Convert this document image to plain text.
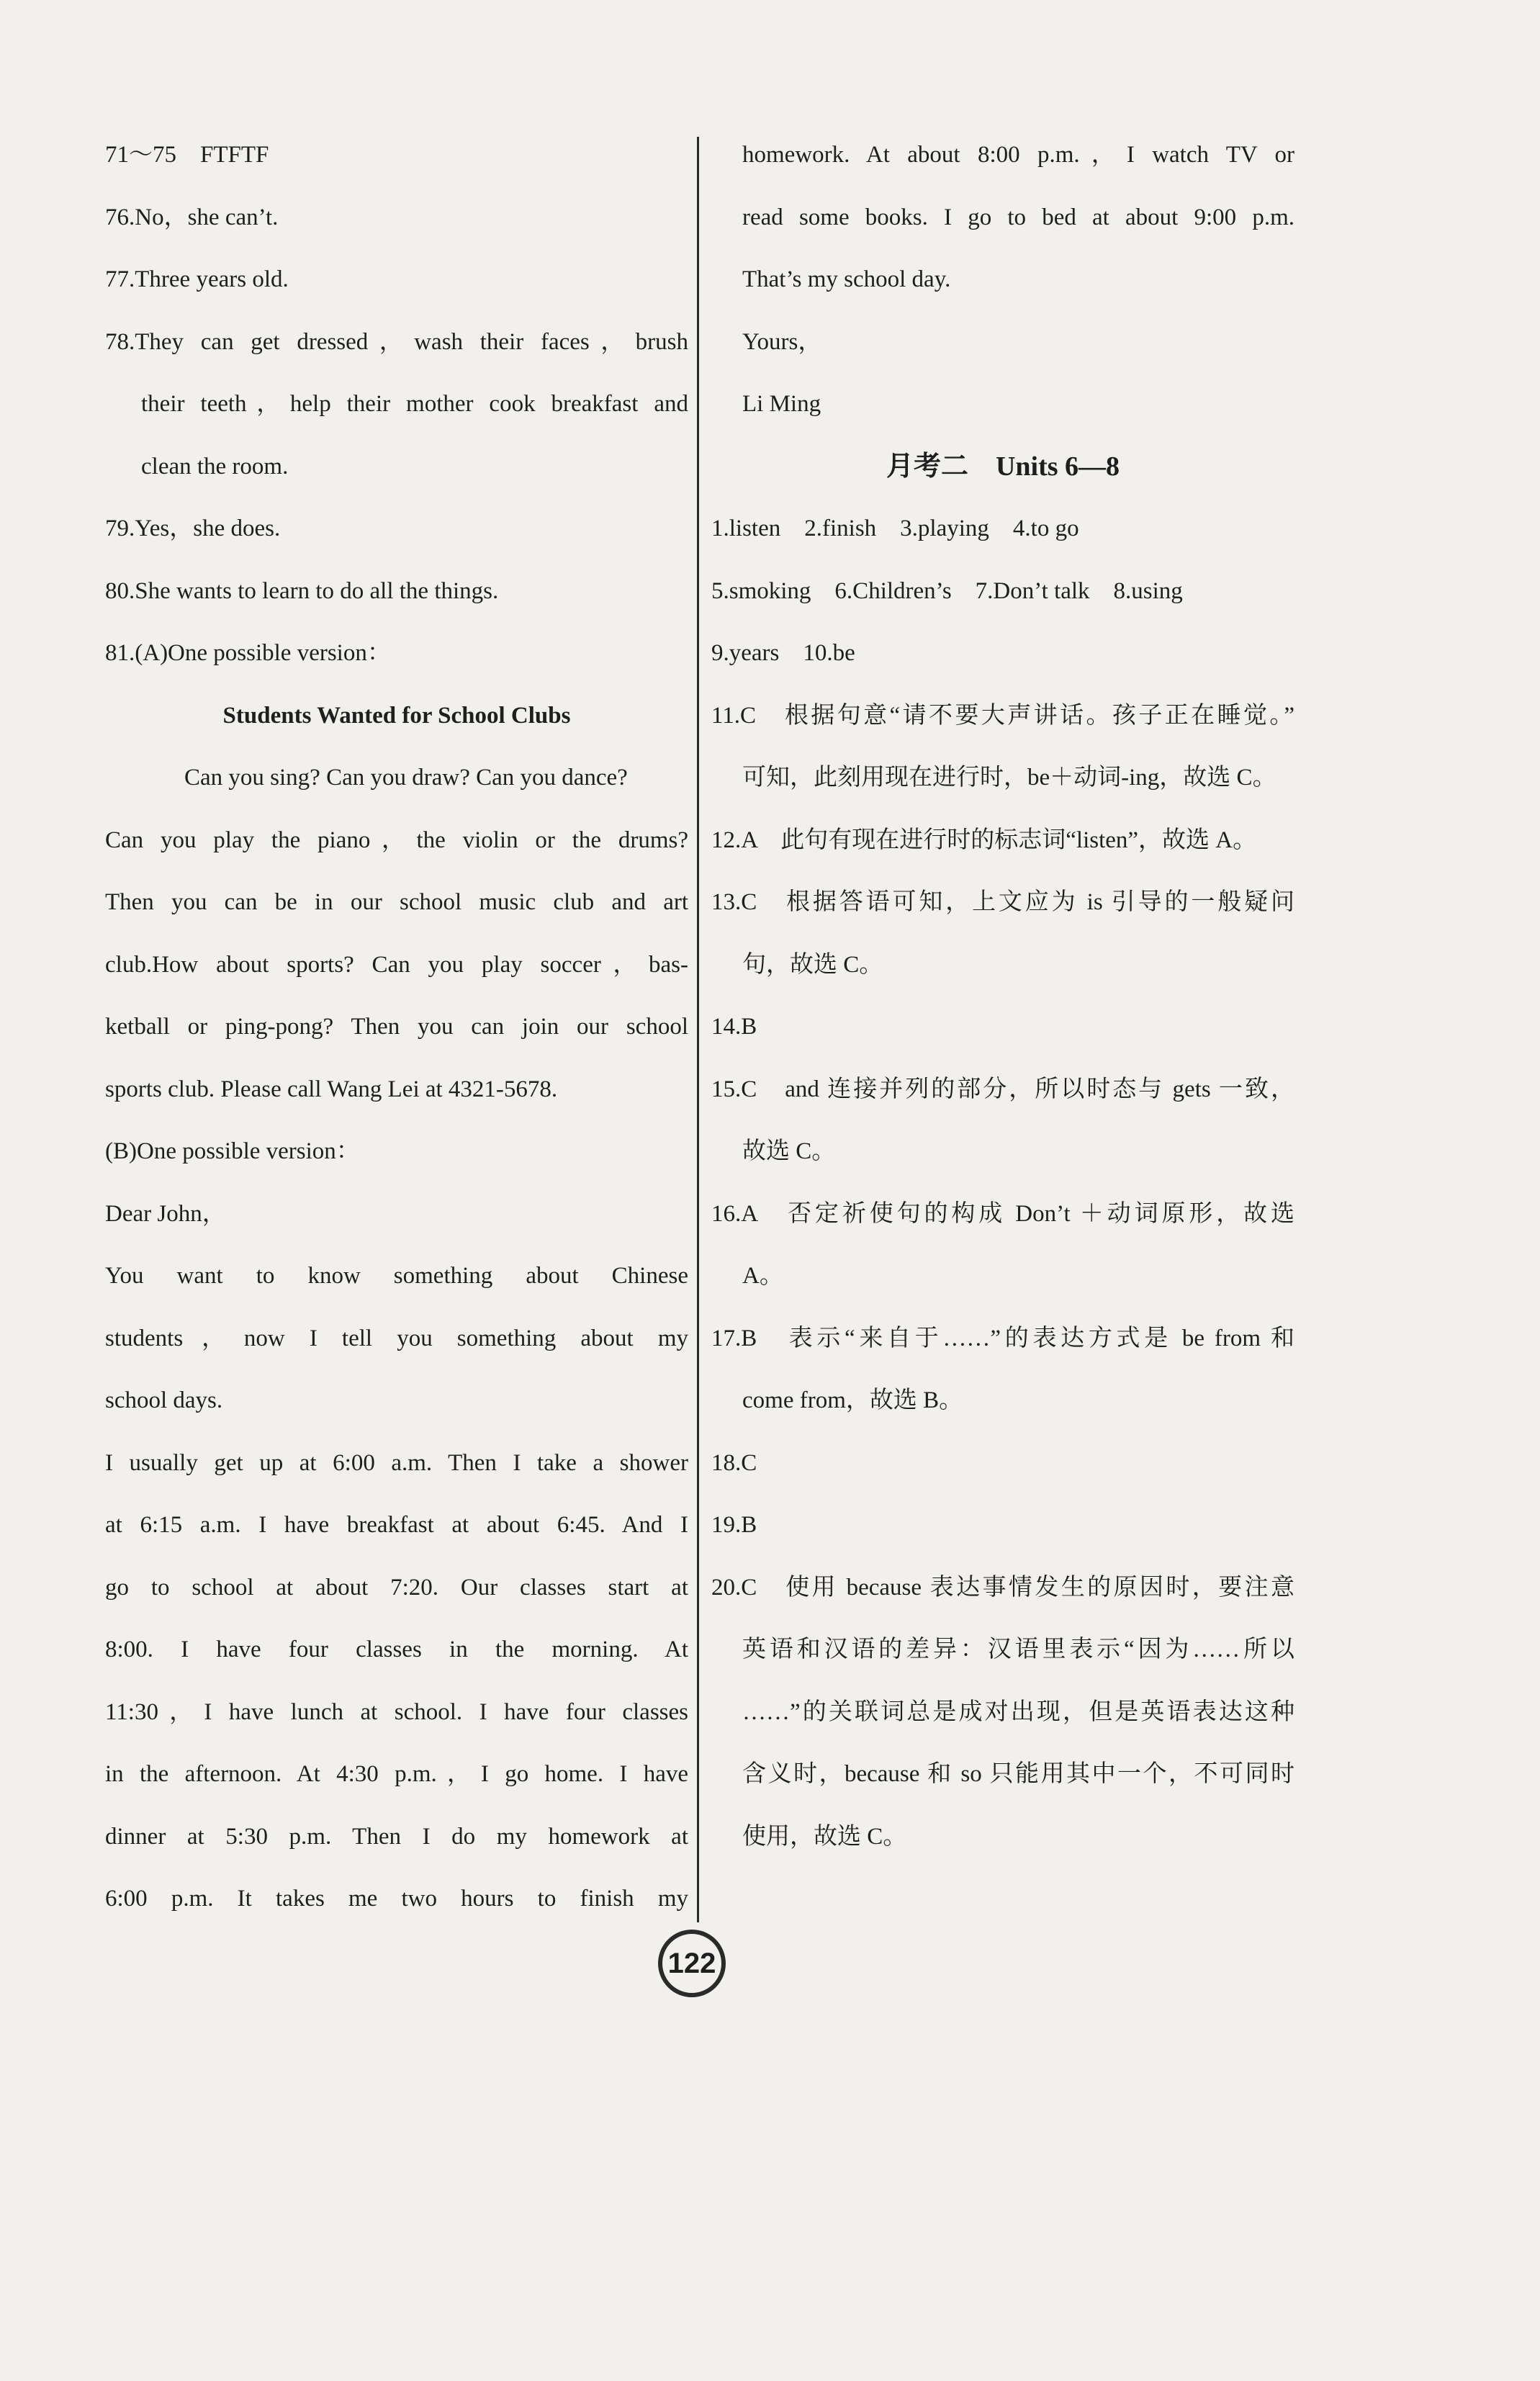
71～75　FTFTF
76.No，she can’t.
77.Three years old.
78.They can get dressed，wash their faces，brush
their teeth，help their mother cook breakfast and
clean the room.
79.Yes，she does.
80.She wants to learn to do all the things.
81.(A)One possible version：
Students Wanted for School Clubs
Can you sing? Can you draw? Can you dance?
Can you play the piano，the violin or the drums?
Then you can be in our school music club and art
club.How about sports? Can you play soccer，bas-
ketball or ping-pong? Then you can join our school
sports club. Please call Wang Lei at 4321-5678.
(B)One possible version：
Dear John，
You want to know something about Chinese
students，now I tell you something about my
school days.
I usually get up at 6:00 a.m. Then I take a shower
at 6:15 a.m. I have breakfast at about 6:45. And I
go to school at about 7:20. Our classes start at
8:00. I have four classes in the morning. At
11:30，I have lunch at school. I have four classes
in the afternoon. At 4:30 p.m.，I go home. I have
dinner at 5:30 p.m. Then I do my homework at
6:00 p.m. It takes me two hours to finish my
homework. At about 8:00 p.m.，I watch TV or
read some books. I go to bed at about 9:00 p.m.
That’s my school day.
Yours，
Li Ming
月考二　Units 6—8
1.listen　2.finish　3.playing　4.to go
5.smoking　6.Children’s　7.Don’t talk　8.using
9.years　10.be
11.C　根据句意“请不要大声讲话。孩子正在睡觉。”
可知，此刻用现在进行时，be＋动词-ing，故选 C。
12.A　此句有现在进行时的标志词“listen”，故选 A。
13.C　根据答语可知，上文应为 is 引导的一般疑问
句，故选 C。
14.B
15.C　and 连接并列的部分，所以时态与 gets 一致，
故选 C。
16.A　否定祈使句的构成 Don’t ＋动词原形，故选
A。
17.B　表示“来自于……”的表达方式是 be from 和
come from，故选 B。
18.C
19.B
20.C　使用 because 表达事情发生的原因时，要注意
英语和汉语的差异：汉语里表示“因为……所以
……”的关联词总是成对出现，但是英语表达这种
含义时，because 和 so 只能用其中一个，不可同时
使用，故选 C。
122
